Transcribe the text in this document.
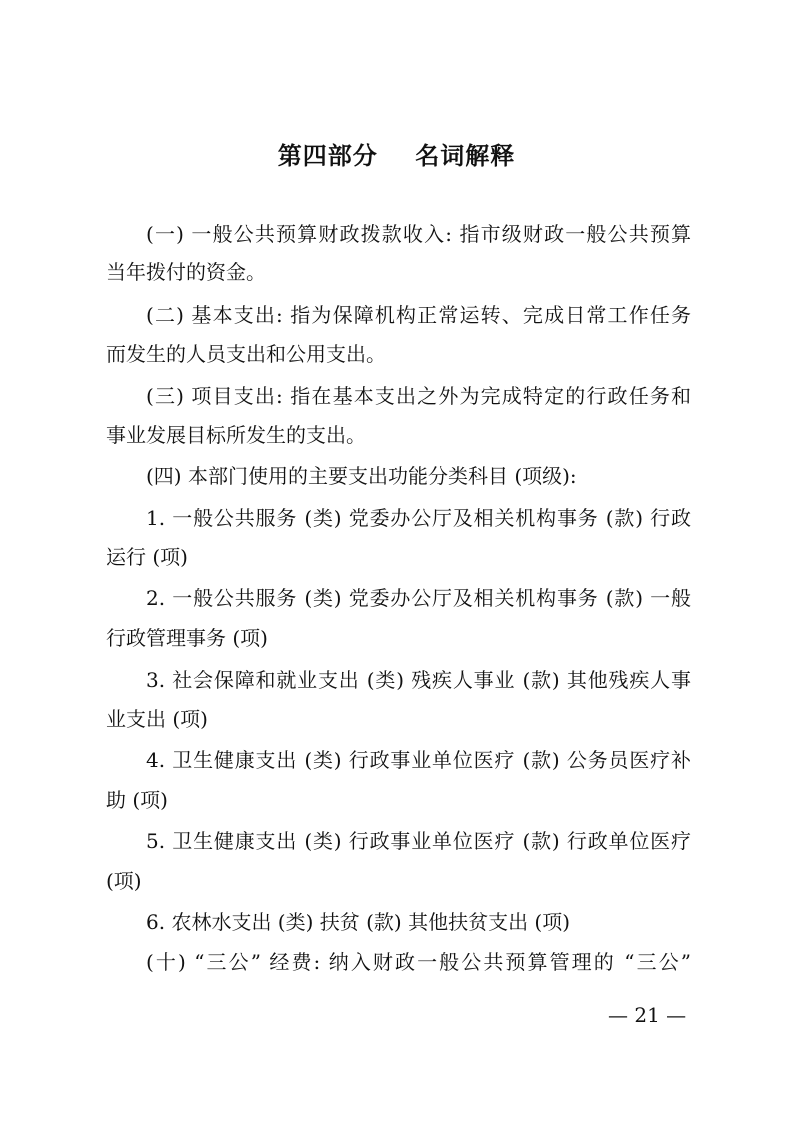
第四部分    名词解释
(一) 一般公共预算财政拨款收入: 指市级财政一般公共预算
当年拨付的资金。
(二) 基本支出: 指为保障机构正常运转、完成日常工作任务
而发生的人员支出和公用支出。
(三) 项目支出: 指在基本支出之外为完成特定的行政任务和
事业发展目标所发生的支出。
(四) 本部门使用的主要支出功能分类科目 (项级):
1. 一般公共服务 (类) 党委办公厅及相关机构事务 (款) 行政
运行 (项)
2. 一般公共服务 (类) 党委办公厅及相关机构事务 (款) 一般
行政管理事务 (项)
3. 社会保障和就业支出 (类) 残疾人事业 (款) 其他残疾人事
业支出 (项)
4. 卫生健康支出 (类) 行政事业单位医疗 (款) 公务员医疗补
助 (项)
5. 卫生健康支出 (类) 行政事业单位医疗 (款) 行政单位医疗
(项)
6. 农林水支出 (类) 扶贫 (款) 其他扶贫支出 (项)
(十) “三公” 经费: 纳入财政一般公共预算管理的 “三公”
— 21 —
